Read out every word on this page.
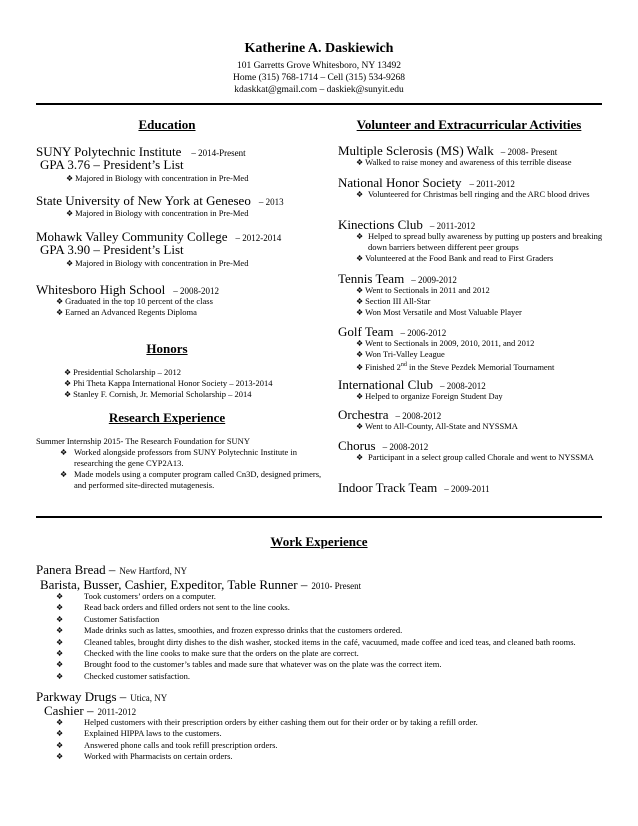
Katherine A. Daskiewich
101 Garretts Grove Whitesboro, NY 13492
Home (315) 768-1714 – Cell (315) 534-9268
kdaskkat@gmail.com – daskiek@sunyit.edu
Education
SUNY Polytechnic Institute – 2014-Present
GPA 3.76 – President’s List
❖ Majored in Biology with concentration in Pre-Med
State University of New York at Geneseo – 2013
❖ Majored in Biology with concentration in Pre-Med
Mohawk Valley Community College – 2012-2014
GPA 3.90 – President’s List
❖ Majored in Biology with concentration in Pre-Med
Whitesboro High School – 2008-2012
❖ Graduated in the top 10 percent of the class
❖ Earned an Advanced Regents Diploma
Honors
❖ Presidential Scholarship – 2012
❖ Phi Theta Kappa International Honor Society – 2013-2014
❖ Stanley F. Cornish, Jr. Memorial Scholarship – 2014
Research Experience
Summer Internship 2015- The Research Foundation for SUNY
❖Worked alongside professors from SUNY Polytechnic Institute in researching the gene CYP2A13.
❖Made models using a computer program called Cn3D, designed primers, and performed site-directed mutagenesis.
Volunteer and Extracurricular Activities
Multiple Sclerosis (MS) Walk – 2008- Present
❖ Walked to raise money and awareness of this terrible disease
National Honor Society – 2011-2012
❖Volunteered for Christmas bell ringing and the ARC blood drives
Kinections Club – 2011-2012
❖Helped to spread bully awareness by putting up posters and breaking down barriers between different peer groups
❖ Volunteered at the Food Bank and read to First Graders
Tennis Team – 2009-2012
❖ Went to Sectionals in 2011 and 2012
❖ Section III All-Star
❖ Won Most Versatile and Most Valuable Player
Golf Team – 2006-2012
❖ Went to Sectionals in 2009, 2010, 2011, and 2012
❖ Won Tri-Valley League
❖ Finished 2nd in the Steve Pezdek Memorial Tournament
International Club – 2008-2012
❖ Helped to organize Foreign Student Day
Orchestra – 2008-2012
❖ Went to All-County, All-State and NYSSMA
Chorus – 2008-2012
❖Participant in a select group called Chorale and went to NYSSMA
Indoor Track Team – 2009-2011
Work Experience
Panera Bread – New Hartford, NY
Barista, Busser, Cashier, Expeditor, Table Runner – 2010- Present
❖ Took customers’ orders on a computer.
❖ Read back orders and filled orders not sent to the line cooks.
❖ Customer Satisfaction
❖ Made drinks such as lattes, smoothies, and frozen expresso drinks that the customers ordered.
❖ Cleaned tables, brought dirty dishes to the dish washer, stocked items in the café, vacuumed, made coffee and iced teas, and cleaned bath rooms.
❖ Checked with the line cooks to make sure that the orders on the plate are correct.
❖ Brought food to the customer’s tables and made sure that whatever was on the plate was the correct item.
❖ Checked customer satisfaction.
Parkway Drugs – Utica, NY
Cashier – 2011-2012
❖ Helped customers with their prescription orders by either cashing them out for their order or by taking a refill order.
❖ Explained HIPPA laws to the customers.
❖ Answered phone calls and took refill prescription orders.
❖ Worked with Pharmacists on certain orders.
